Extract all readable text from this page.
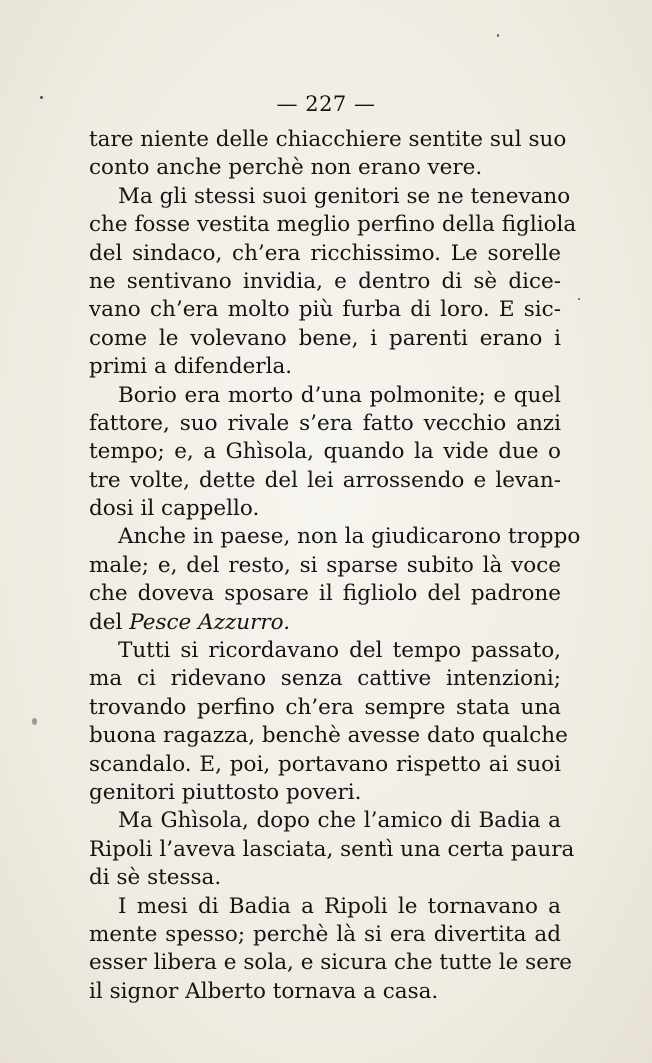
— 227 —
tare niente delle chiacchiere sentite sul suo
conto anche perchè non erano vere.
Ma gli stessi suoi genitori se ne tenevano
che fosse vestita meglio perfino della figliola
del sindaco, ch’era ricchissimo. Le sorelle
ne sentivano invidia, e dentro di sè dice-
vano ch’era molto più furba di loro. E sic-
come le volevano bene, i parenti erano i
primi a difenderla.
Borio era morto d’una polmonite; e quel
fattore, suo rivale s’era fatto vecchio anzi
tempo; e, a Ghìsola, quando la vide due o
tre volte, dette del lei arrossendo e levan-
dosi il cappello.
Anche in paese, non la giudicarono troppo
male; e, del resto, si sparse subito là voce
che doveva sposare il figliolo del padrone
del Pesce Azzurro.
Tutti si ricordavano del tempo passato,
ma ci ridevano senza cattive intenzioni;
trovando perfino ch’era sempre stata una
buona ragazza, benchè avesse dato qualche
scandalo. E, poi, portavano rispetto ai suoi
genitori piuttosto poveri.
Ma Ghìsola, dopo che l’amico di Badia a
Ripoli l’aveva lasciata, sentì una certa paura
di sè stessa.
I mesi di Badia a Ripoli le tornavano a
mente spesso; perchè là si era divertita ad
esser libera e sola, e sicura che tutte le sere
il signor Alberto tornava a casa.
